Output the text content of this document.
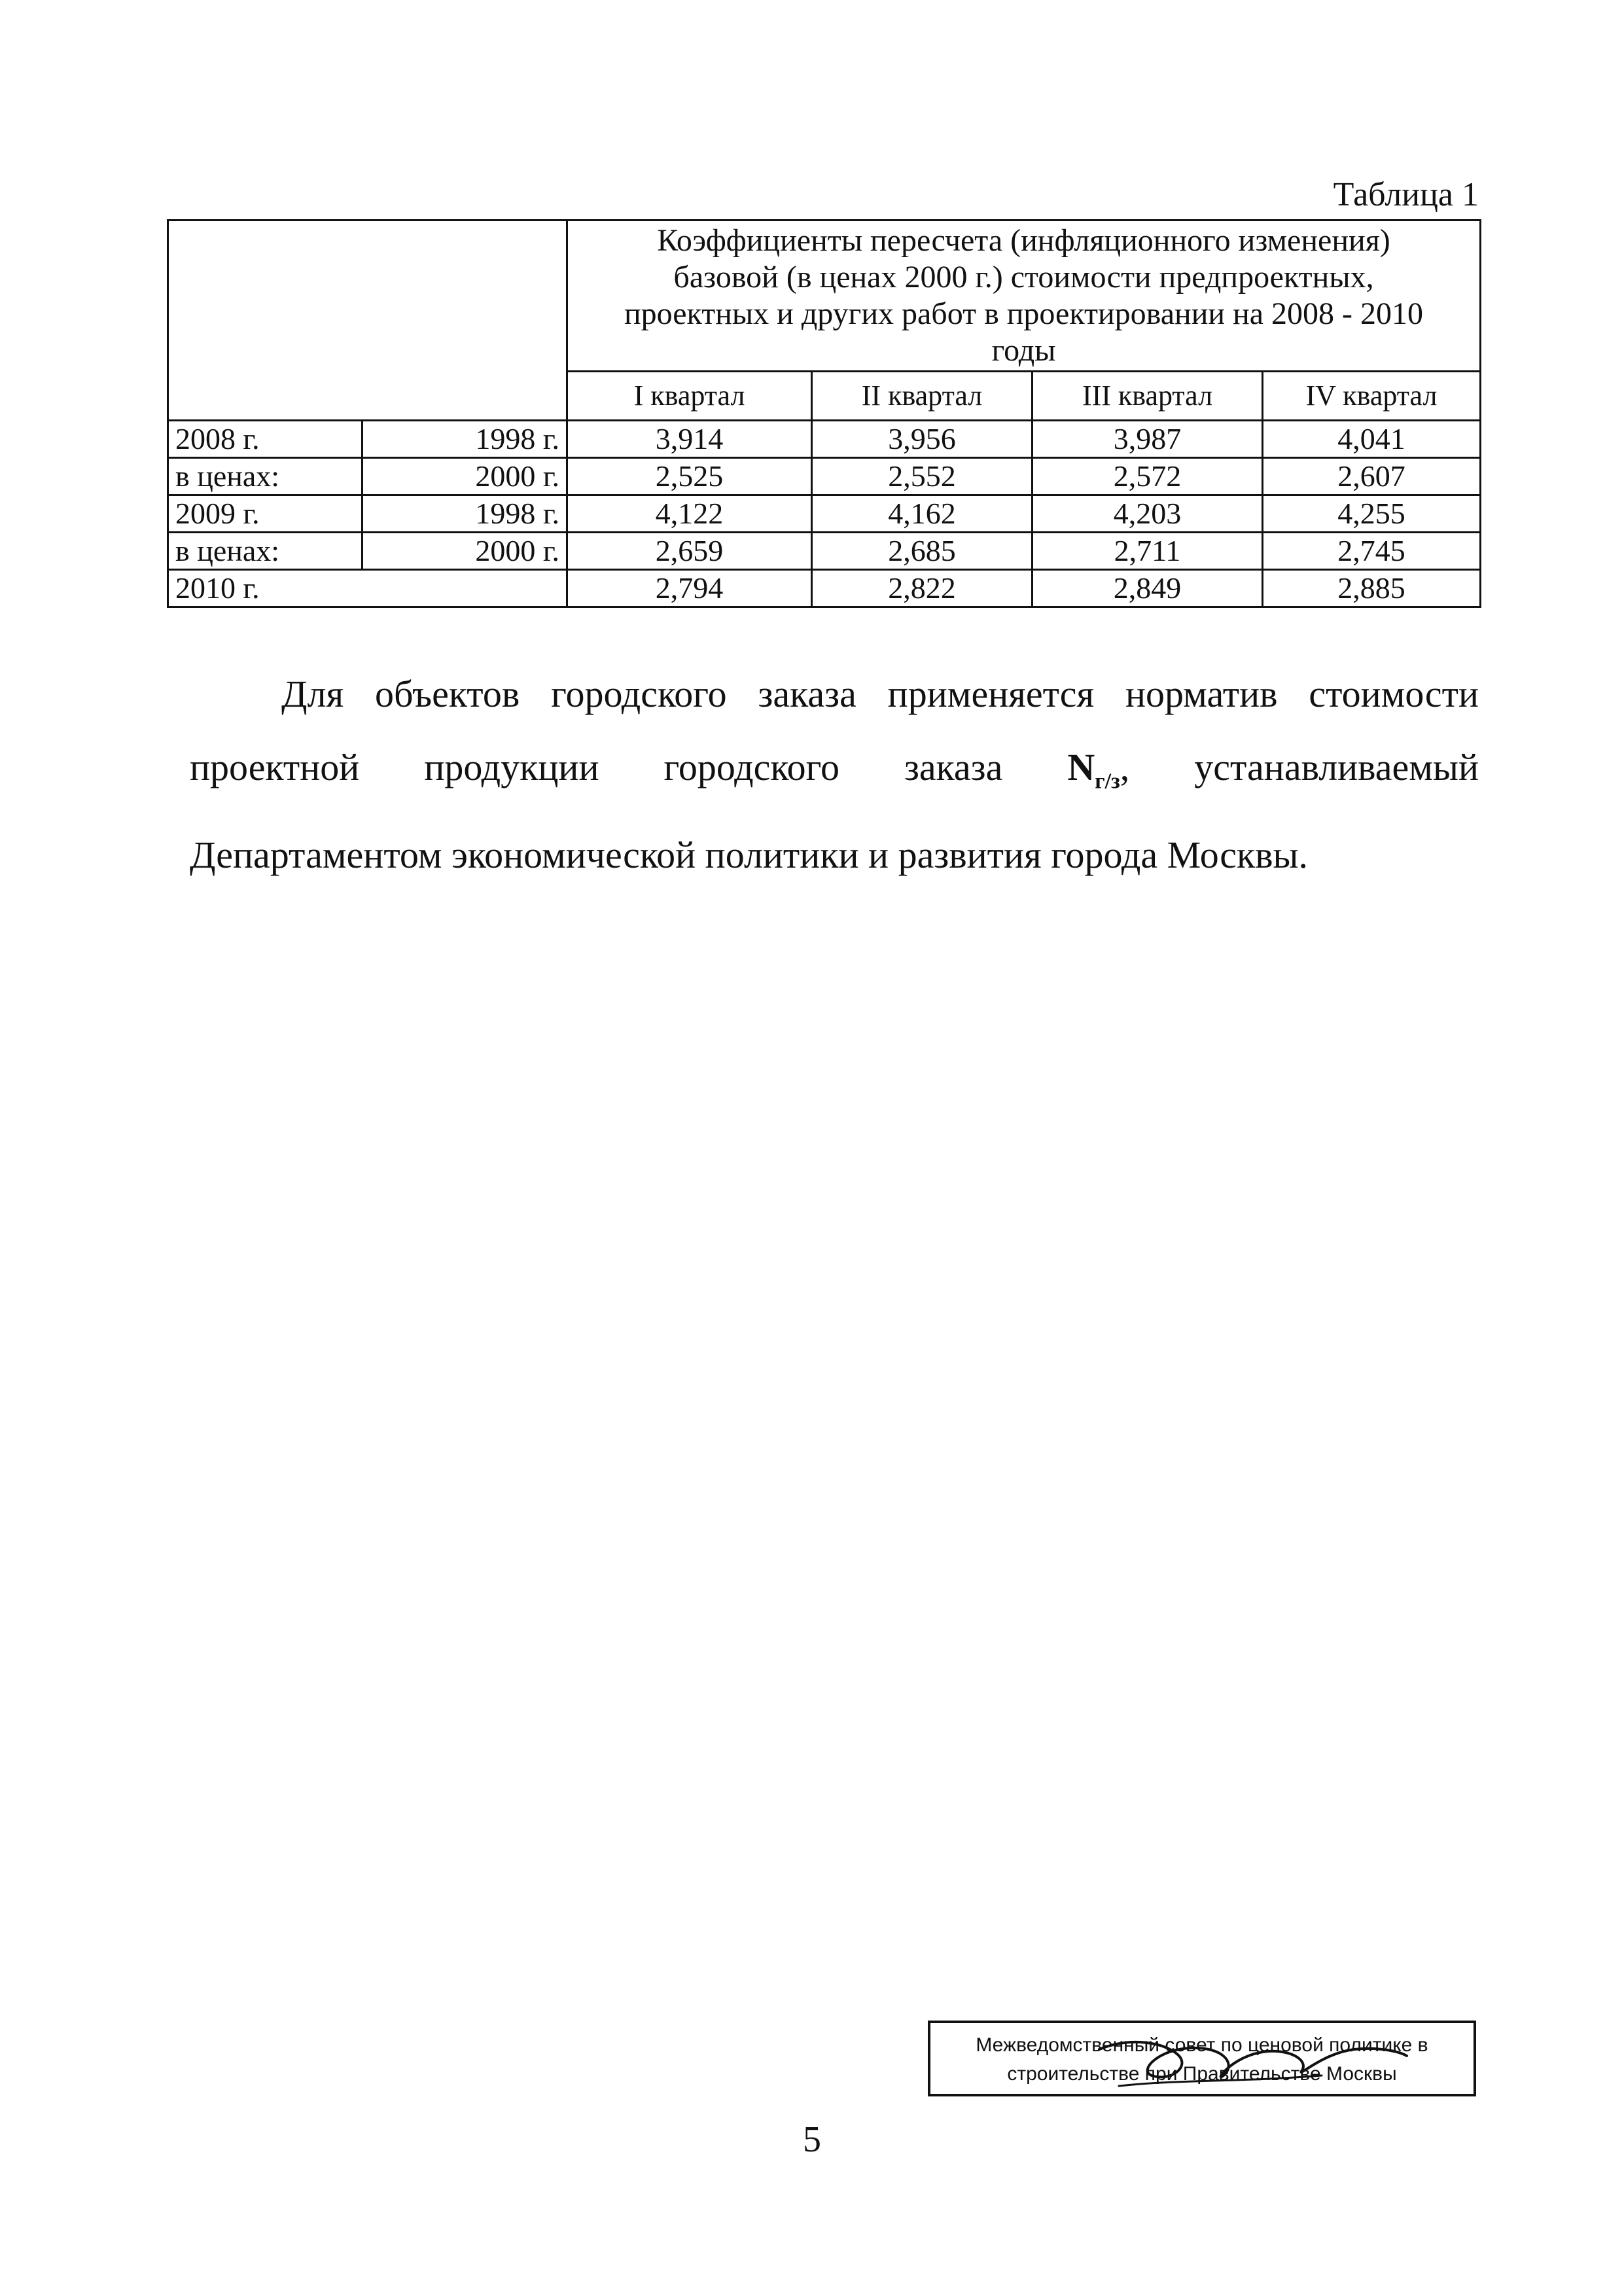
Таблица 1

		Коэффициенты пересчета (инфляционного изменения)
базовой (в ценах 2000 г.) стоимости предпроектных,
проектных и других работ в проектировании на 2008 - 2010
годы			

		I квартал	II квартал	III квартал	IV квартал
2008 г.	1998 г.	3,914	3,956	3,987	4,041
в ценах:	2000 г.	2,525	2,552	2,572	2,607
2009 г.	1998 г.	4,122	4,162	4,203	4,255
в ценах:	2000 г.	2,659	2,685	2,711	2,745
2010 г.		2,794	2,822	2,849	2,885
Для объектов городского заказа применяется норматив стоимости
проектной продукции городского заказа $N_{г/з}$, устанавливаемый
Департаментом экономической политики и развития города Москвы.
Межведомственный совет по ценовой политике в
строительстве при Правительстве Москвы
5
